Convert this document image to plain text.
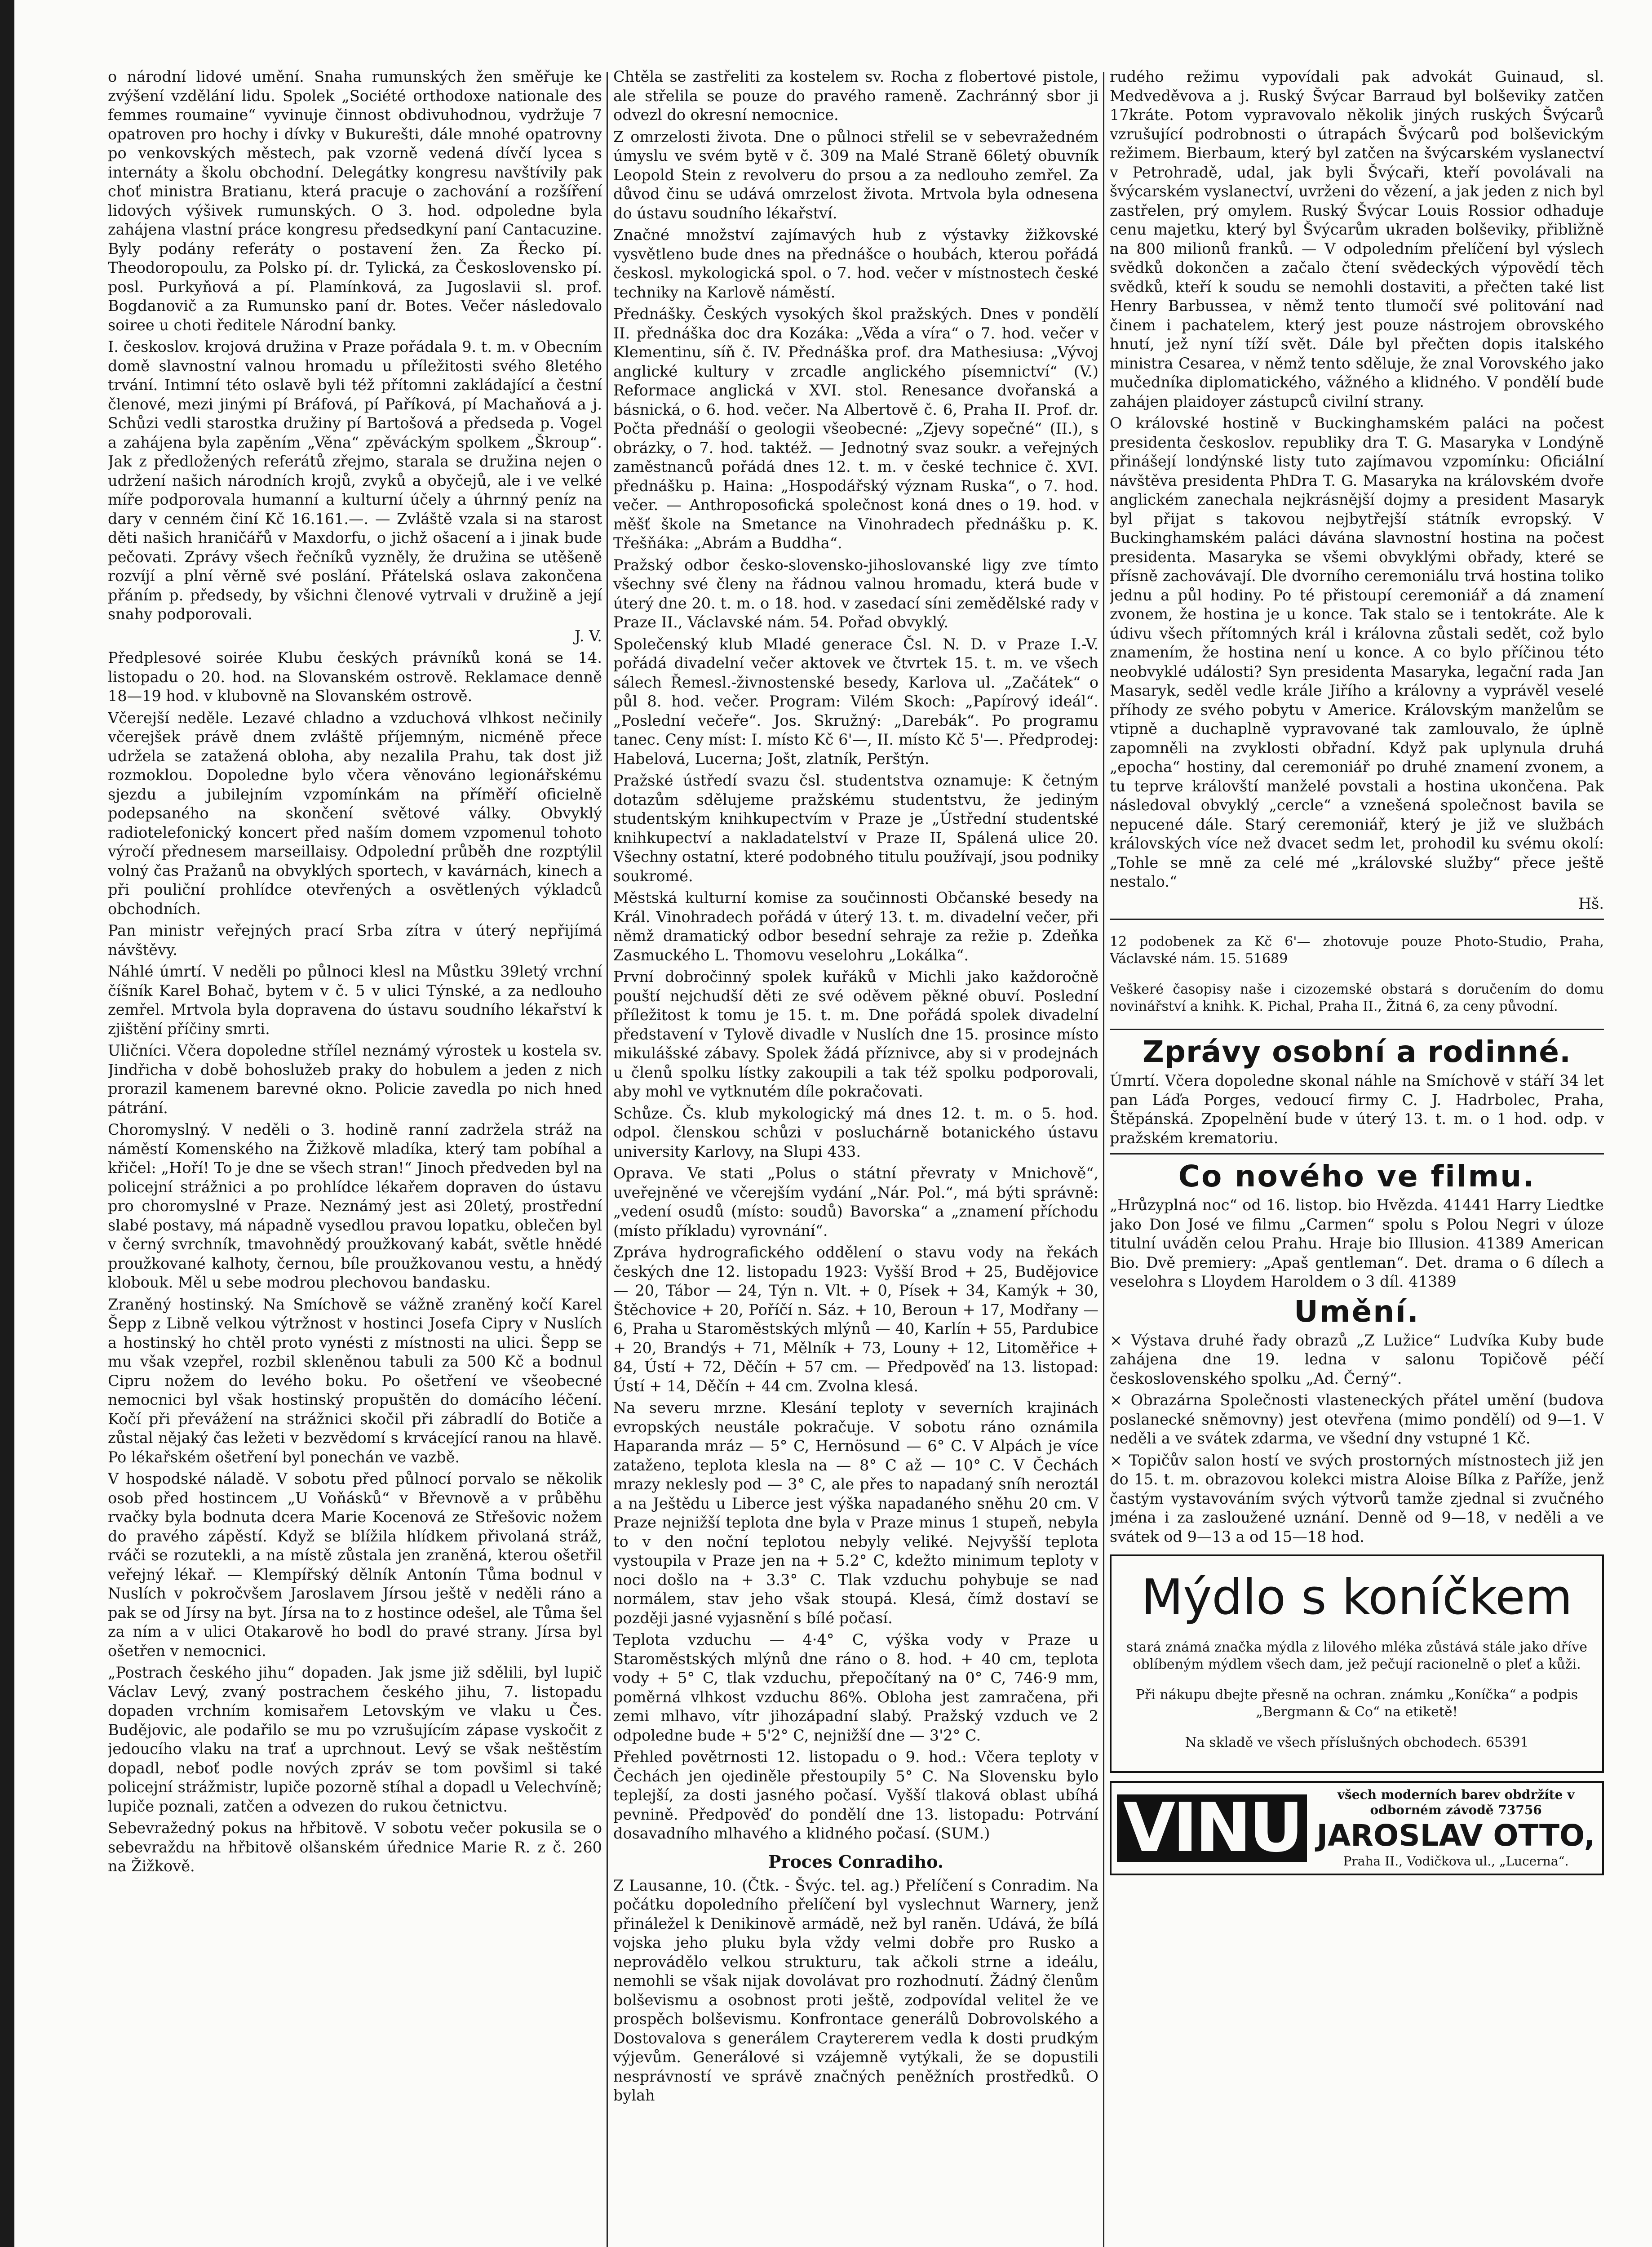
o národní lidové umění. Snaha rumunských žen směřuje ke zvýšení vzdělání lidu. Spolek „Société orthodoxe nationale des femmes roumaine“ vyvinuje činnost obdivuhodnou, vydržuje 7 opatroven pro hochy i dívky v Bukurešti, dále mnohé opatrovny po venkovských městech, pak vzorně vedená dívčí lycea s internáty a školu obchodní. Delegátky kongresu navštívily pak choť ministra Bratianu, která pracuje o zachování a rozšíření lidových výšivek rumunských. O 3. hod. odpoledne byla zahájena vlastní práce kongresu předsedkyní paní Cantacuzine. Byly podány referáty o postavení žen. Za Řecko pí. Theodoropoulu, za Polsko pí. dr. Tylická, za Československo pí. posl. Purkyňová a pí. Plamínková, za Jugoslavii sl. prof. Bogdanovič a za Rumunsko paní dr. Botes. Večer následovalo soiree u choti ředitele Národní banky.

I. českoslov. krojová družina v Praze pořádala 9. t. m. v Obecním domě slavnostní valnou hromadu u příležitosti svého 8letého trvání. Intimní této oslavě byli též přítomni zakládající a čestní členové, mezi jinými pí Bráfová, pí Paříková, pí Machaňová a j. Schůzi vedli starostka družiny pí Bartošová a předseda p. Vogel a zahájena byla zapěním „Věna“ zpěváckým spolkem „Škroup“. Jak z předložených referátů zřejmo, starala se družina nejen o udržení našich národních krojů, zvyků a obyčejů, ale i ve velké míře podporovala humanní a kulturní účely a úhrnný peníz na dary v cenném činí Kč 16.161.—. — Zvláště vzala si na starost děti našich hraničářů v Maxdorfu, o jichž ošacení a i jinak bude pečovati. Zprávy všech řečníků vyzněly, že družina se utěšeně rozvíjí a plní věrně své poslání. Přátelská oslava zakončena přáním p. předsedy, by všichni členové vytrvali v družině a její snahy podporovali.

J. V.

Předplesové soirée Klubu českých právníků koná se 14. listopadu o 20. hod. na Slovanském ostrově. Reklamace denně 18—19 hod. v klubovně na Slovanském ostrově.

Včerejší neděle. Lezavé chladno a vzduchová vlhkost nečinily včerejšek právě dnem zvláště příjemným, nicméně přece udržela se zatažená obloha, aby nezalila Prahu, tak dost již rozmoklou. Dopoledne bylo včera věnováno legionářskému sjezdu a jubilejním vzpomínkám na příměří oficielně podepsaného na skončení světové války. Obvyklý radiotelefonický koncert před naším domem vzpomenul tohoto výročí přednesem marseillaisy. Odpolední průběh dne rozptýlil volný čas Pražanů na obvyklých sportech, v kavárnách, kinech a při pouliční prohlídce otevřených a osvětlených výkladců obchodních.

Pan ministr veřejných prací Srba zítra v úterý nepřijímá návštěvy.

Náhlé úmrtí. V neděli po půlnoci klesl na Můstku 39letý vrchní číšník Karel Bohač, bytem v č. 5 v ulici Týnské, a za nedlouho zemřel. Mrtvola byla dopravena do ústavu soudního lékařství k zjištění příčiny smrti.

Uličníci. Včera dopoledne střílel neznámý výrostek u kostela sv. Jindřicha v době bohoslužeb praky do hobulem a jeden z nich prorazil kamenem barevné okno. Policie zavedla po nich hned pátrání.

Choromyslný. V neděli o 3. hodině ranní zadržela stráž na náměstí Komenského na Žižkově mladíka, který tam pobíhal a křičel: „Hoří! To je dne se všech stran!“ Jinoch předveden byl na policejní strážnici a po prohlídce lékařem dopraven do ústavu pro choromyslné v Praze. Neznámý jest asi 20letý, prostřední slabé postavy, má nápadně vysedlou pravou lopatku, oblečen byl v černý svrchník, tmavohnědý proužkovaný kabát, světle hnědé proužkované kalhoty, černou, bíle proužkovanou vestu, a hnědý klobouk. Měl u sebe modrou plechovou bandasku.

Zraněný hostinský. Na Smíchově se vážně zraněný kočí Karel Šepp z Libně velkou výtržnost v hostinci Josefa Cipry v Nuslích a hostinský ho chtěl proto vynésti z místnosti na ulici. Šepp se mu však vzepřel, rozbil skleněnou tabuli za 500 Kč a bodnul Cipru nožem do levého boku. Po ošetření ve všeobecné nemocnici byl však hostinský propuštěn do domácího léčení. Kočí při převážení na strážnici skočil při zábradlí do Botiče a zůstal nějaký čas ležeti v bezvědomí s krvácející ranou na hlavě. Po lékařském ošetření byl ponechán ve vazbě.

V hospodské náladě. V sobotu před půlnocí porvalo se několik osob před hostincem „U Voňásků“ v Břevnově a v průběhu rvačky byla bodnuta dcera Marie Kocenová ze Střešovic nožem do pravého zápěstí. Když se blížila hlídkem přivolaná stráž, rváči se rozutekli, a na místě zůstala jen zraněná, kterou ošetřil veřejný lékař. — Klempířský dělník Antonín Tůma bodnul v Nuslích v pokročvšem Jaroslavem Jírsou ještě v neděli ráno a pak se od Jírsy na byt. Jírsa na to z hostince odešel, ale Tůma šel za ním a v ulici Otakarově ho bodl do pravé strany. Jírsa byl ošetřen v nemocnici.

„Postrach českého jihu“ dopaden. Jak jsme již sdělili, byl lupič Václav Levý, zvaný postrachem českého jihu, 7. listopadu dopaden vrchním komisařem Letovským ve vlaku u Čes. Budějovic, ale podařilo se mu po vzrušujícím zápase vyskočit z jedoucího vlaku na trať a uprchnout. Levý se však neštěstím dopadl, neboť podle nových zpráv se tom povšiml si také policejní strážmistr, lupiče pozorně stíhal a dopadl u Velechvíně; lupiče poznali, zatčen a odvezen do rukou četnictvu.

Sebevražedný pokus na hřbitově. V sobotu večer pokusila se o sebevraždu na hřbitově olšanském úřednice Marie R. z č. 260 na Žižkově.

Chtěla se zastřeliti za kostelem sv. Rocha z flobertové pistole, ale střelila se pouze do pravého rameně. Zachránný sbor ji odvezl do okresní nemocnice.

Z omrzelosti života. Dne o půlnoci střelil se v sebevražedném úmyslu ve svém bytě v č. 309 na Malé Straně 66letý obuvník Leopold Stein z revolveru do prsou a za nedlouho zemřel. Za důvod činu se udává omrzelost života. Mrtvola byla odnesena do ústavu soudního lékařství.

Značné množství zajímavých hub z výstavky žižkovské vysvětleno bude dnes na přednášce o houbách, kterou pořádá českosl. mykologická spol. o 7. hod. večer v místnostech české techniky na Karlově náměstí.

Přednášky. Českých vysokých škol pražských. Dnes v pondělí II. přednáška doc dra Kozáka: „Věda a víra“ o 7. hod. večer v Klementinu, síň č. IV. Přednáška prof. dra Mathesiusa: „Vývoj anglické kultury v zrcadle anglického písemnictví“ (V.) Reformace anglická v XVI. stol. Renesance dvořanská a básnická, o 6. hod. večer. Na Albertově č. 6, Praha II. Prof. dr. Počta přednáší o geologii všeobecné: „Zjevy sopečné“ (II.), s obrázky, o 7. hod. taktéž. — Jednotný svaz soukr. a veřejných zaměstnanců pořádá dnes 12. t. m. v české technice č. XVI. přednášku p. Haina: „Hospodářský význam Ruska“, o 7. hod. večer. — Anthroposofická společnost koná dnes o 19. hod. v měšť škole na Smetance na Vinohradech přednášku p. K. Třešňáka: „Abrám a Buddha“.

Pražský odbor česko-slovensko-jihoslovanské ligy zve tímto všechny své členy na řádnou valnou hromadu, která bude v úterý dne 20. t. m. o 18. hod. v zasedací síni zemědělské rady v Praze II., Václavské nám. 54. Pořad obvyklý.

Společenský klub Mladé generace Čsl. N. D. v Praze I.-V. pořádá divadelní večer aktovek ve čtvrtek 15. t. m. ve všech sálech Řemesl.-živnostenské besedy, Karlova ul. „Začátek“ o půl 8. hod. večer. Program: Vilém Skoch: „Papírový ideál“. „Poslední večeře“. Jos. Skružný: „Darebák“. Po programu tanec. Ceny míst: I. místo Kč 6'—, II. místo Kč 5'—. Předprodej: Habelová, Lucerna; Jošt, zlatník, Perštýn.

Pražské ústředí svazu čsl. studentstva oznamuje: K četným dotazům sdělujeme pražskému studentstvu, že jediným studentským knihkupectvím v Praze je „Ústřední studentské knihkupectví a nakladatelství v Praze II, Spálená ulice 20. Všechny ostatní, které podobného titulu používají, jsou podniky soukromé.

Městská kulturní komise za součinnosti Občanské besedy na Král. Vinohradech pořádá v úterý 13. t. m. divadelní večer, při němž dramatický odbor besední sehraje za režie p. Zdeňka Zasmuckého L. Thomovu veselohru „Lokálka“.

První dobročinný spolek kuřáků v Michli jako každoročně pouští nejchudší děti ze své oděvem pěkné obuví. Poslední příležitost k tomu je 15. t. m. Dne pořádá spolek divadelní představení v Tylově divadle v Nuslích dne 15. prosince místo mikulášské zábavy. Spolek žádá příznivce, aby si v prodejnách u členů spolku lístky zakoupili a tak též spolku podporovali, aby mohl ve vytknutém díle pokračovati.

Schůze. Čs. klub mykologický má dnes 12. t. m. o 5. hod. odpol. členskou schůzi v posluchárně botanického ústavu university Karlovy, na Slupi 433.

Oprava. Ve stati „Polus o státní převraty v Mnichově“, uveřejněné ve včerejším vydání „Nár. Pol.“, má býti správně: „vedení osudů (místo: soudů) Bavorska“ a „znamení příchodu (místo příkladu) vyrovnání“.

Zpráva hydrografického oddělení o stavu vody na řekách českých dne 12. listopadu 1923: Vyšší Brod + 25, Budějovice — 20, Tábor — 24, Týn n. Vlt. + 0, Písek + 34, Kamýk + 30, Štěchovice + 20, Poříčí n. Sáz. + 10, Beroun + 17, Modřany — 6, Praha u Staroměstských mlýnů — 40, Karlín + 55, Pardubice + 20, Brandýs + 71, Mělník + 73, Louny + 12, Litoměřice + 84, Ústí + 72, Děčín + 57 cm. — Předpověď na 13. listopad: Ústí + 14, Děčín + 44 cm. Zvolna klesá.

Na severu mrzne. Klesání teploty v severních krajinách evropských neustále pokračuje. V sobotu ráno oznámila Haparanda mráz — 5° C, Hernösund — 6° C. V Alpách je více zataženo, teplota klesla na — 8° C až — 10° C. V Čechách mrazy neklesly pod — 3° C, ale přes to napadaný sníh neroztál a na Ještědu u Liberce jest výška napadaného sněhu 20 cm. V Praze nejnižší teplota dne byla v Praze minus 1 stupeň, nebyla to v den noční teplotou nebyly veliké. Nejvyšší teplota vystoupila v Praze jen na + 5.2° C, kdežto minimum teploty v noci došlo na + 3.3° C. Tlak vzduchu pohybuje se nad normálem, stav jeho však stoupá. Klesá, čímž dostaví se později jasné vyjasnění s bílé počasí.

Teplota vzduchu — 4·4° C, výška vody v Praze u Staroměstských mlýnů dne ráno o 8. hod. + 40 cm, teplota vody + 5° C, tlak vzduchu, přepočítaný na 0° C, 746·9 mm, poměrná vlhkost vzduchu 86%. Obloha jest zamračena, při zemi mlhavo, vítr jihozápadní slabý. Pražský vzduch ve 2 odpoledne bude + 5'2° C, nejnižší dne — 3'2° C.

Přehled povětrnosti 12. listopadu o 9. hod.: Včera teploty v Čechách jen ojediněle přestoupily 5° C. Na Slovensku bylo teplejší, za dosti jasného počasí. Vyšší tlaková oblast ubíhá pevnině. Předpověď do pondělí dne 13. listopadu: Potrvání dosavadního mlhavého a klidného počasí. (SUM.)

Proces Conradiho.

Z Lausanne, 10. (Čtk. - Švýc. tel. ag.) Přelíčení s Conradim. Na počátku dopoledního přelíčení byl vyslechnut Warnery, jenž přináležel k Denikinově armádě, než byl raněn. Udává, že bílá vojska jeho pluku byla vždy velmi dobře pro Rusko a neprovádělo velkou strukturu, tak ačkoli strne a ideálu, nemohli se však nijak dovolávat pro rozhodnutí. Žádný členům bolševismu a osobnost proti ještě, zodpovídal velitel že ve prospěch bolševismu. Konfrontace generálů Dobrovolského a Dostovalova s generálem Craytererem vedla k dosti prudkým výjevům. Generálové si vzájemně vytýkali, že se dopustili nesprávností ve správě značných peněžních prostředků. O bylah

rudého režimu vypovídali pak advokát Guinaud, sl. Medveděvova a j. Ruský Švýcar Barraud byl bolševiky zatčen 17kráte. Potom vypravovalo několik jiných ruských Švýcarů vzrušující podrobnosti o útrapách Švýcarů pod bolševickým režimem. Bierbaum, který byl zatčen na švýcarském vyslanectví v Petrohradě, udal, jak byli Švýcaři, kteří povolávali na švýcarském vyslanectví, uvrženi do vězení, a jak jeden z nich byl zastřelen, prý omylem. Ruský Švýcar Louis Rossior odhaduje cenu majetku, který byl Švýcarům ukraden bolševiky, přibližně na 800 milionů franků. — V odpoledním přelíčení byl výslech svědků dokončen a začalo čtení svědeckých výpovědí těch svědků, kteří k soudu se nemohli dostaviti, a přečten také list Henry Barbussea, v němž tento tlumočí své politování nad činem i pachatelem, který jest pouze nástrojem obrovského hnutí, jež nyní tíží svět. Dále byl přečten dopis italského ministra Cesarea, v němž tento sděluje, že znal Vorovského jako mučedníka diplomatického, vážného a klidného. V pondělí bude zahájen plaidoyer zástupců civilní strany.

O královské hostině v Buckinghamském paláci na počest presidenta českoslov. republiky dra T. G. Masaryka v Londýně přinášejí londýnské listy tuto zajímavou vzpomínku: Oficiální návštěva presidenta PhDra T. G. Masaryka na královském dvoře anglickém zanechala nejkrásnější dojmy a president Masaryk byl přijat s takovou nejbytřejší státník evropský. V Buckinghamském paláci dávána slavnostní hostina na počest presidenta. Masaryka se všemi obvyklými obřady, které se přísně zachovávají. Dle dvorního ceremoniálu trvá hostina toliko jednu a půl hodiny. Po té přistoupí ceremoniář a dá znamení zvonem, že hostina je u konce. Tak stalo se i tentokráte. Ale k údivu všech přítomných král i královna zůstali sedět, což bylo znamením, že hostina není u konce. A co bylo příčinou této neobvyklé události? Syn presidenta Masaryka, legační rada Jan Masaryk, seděl vedle krále Jiřího a královny a vyprávěl veselé příhody ze svého pobytu v Americe. Královským manželům se vtipně a duchaplně vypravované tak zamlouvalo, že úplně zapomněli na zvyklosti obřadní. Když pak uplynula druhá „epocha“ hostiny, dal ceremoniář po druhé znamení zvonem, a tu teprve královští manželé povstali a hostina ukončena. Pak následoval obvyklý „cercle“ a vznešená společnost bavila se nepucené dále. Starý ceremoniář, který je již ve službách královských více než dvacet sedm let, prohodil ku svému okolí: „Tohle se mně za celé mé „královské služby“ přece ještě nestalo.“

Hš.

12 podobenek za Kč 6'— zhotovuje pouze Photo-Studio, Praha, Václavské nám. 15. 51689

Veškeré časopisy naše i cizozemské obstará s doručením do domu novinářství a knihk. K. Pichal, Praha II., Žitná 6, za ceny původní.

Zprávy osobní a rodinné.

Úmrtí. Včera dopoledne skonal náhle na Smíchově v stáří 34 let pan Láďa Porges, vedoucí firmy C. J. Hadrbolec, Praha, Štěpánská. Zpopelnění bude v úterý 13. t. m. o 1 hod. odp. v pražském krematoriu.

Co nového ve filmu.

„Hrůzyplná noc“ od 16. listop. bio Hvězda. 41441 Harry Liedtke jako Don José ve filmu „Carmen“ spolu s Polou Negri v úloze titulní uváděn celou Prahu. Hraje bio Illusion. 41389 American Bio. Dvě premiery: „Apaš gentleman“. Det. drama o 6 dílech a veselohra s Lloydem Haroldem o 3 díl. 41389

Umění.

× Výstava druhé řady obrazů „Z Lužice“ Ludvíka Kuby bude zahájena dne 19. ledna v salonu Topičově péčí československého spolku „Ad. Černý“.

× Obrazárna Společnosti vlasteneckých přátel umění (budova poslanecké sněmovny) jest otevřena (mimo pondělí) od 9—1. V neděli a ve svátek zdarma, ve všední dny vstupné 1 Kč.

× Topičův salon hostí ve svých prostorných místnostech již jen do 15. t. m. obrazovou kolekci mistra Aloise Bílka z Paříže, jenž častým vystavováním svých výtvorů tamže zjednal si zvučného jména i za zasloužené uznání. Denně od 9—18, v neděli a ve svátek od 9—13 a od 15—18 hod.

Mýdlo s koníčkem

stará známá značka mýdla z lilového mléka zůstává stále jako dříve oblíbeným mýdlem všech dam, jež pečují racionelně o pleť a kůži.

Při nákupu dbejte přesně na ochran. známku „Koníčka“ a podpis „Bergmann & Co“ na etiketě!

Na skladě ve všech příslušných obchodech. 65391

VINU	všech moderních barev obdržíte v odborném závodě 73756
JAROSLAV OTTO,
Praha II., Vodičkova ul., „Lucerna“.
